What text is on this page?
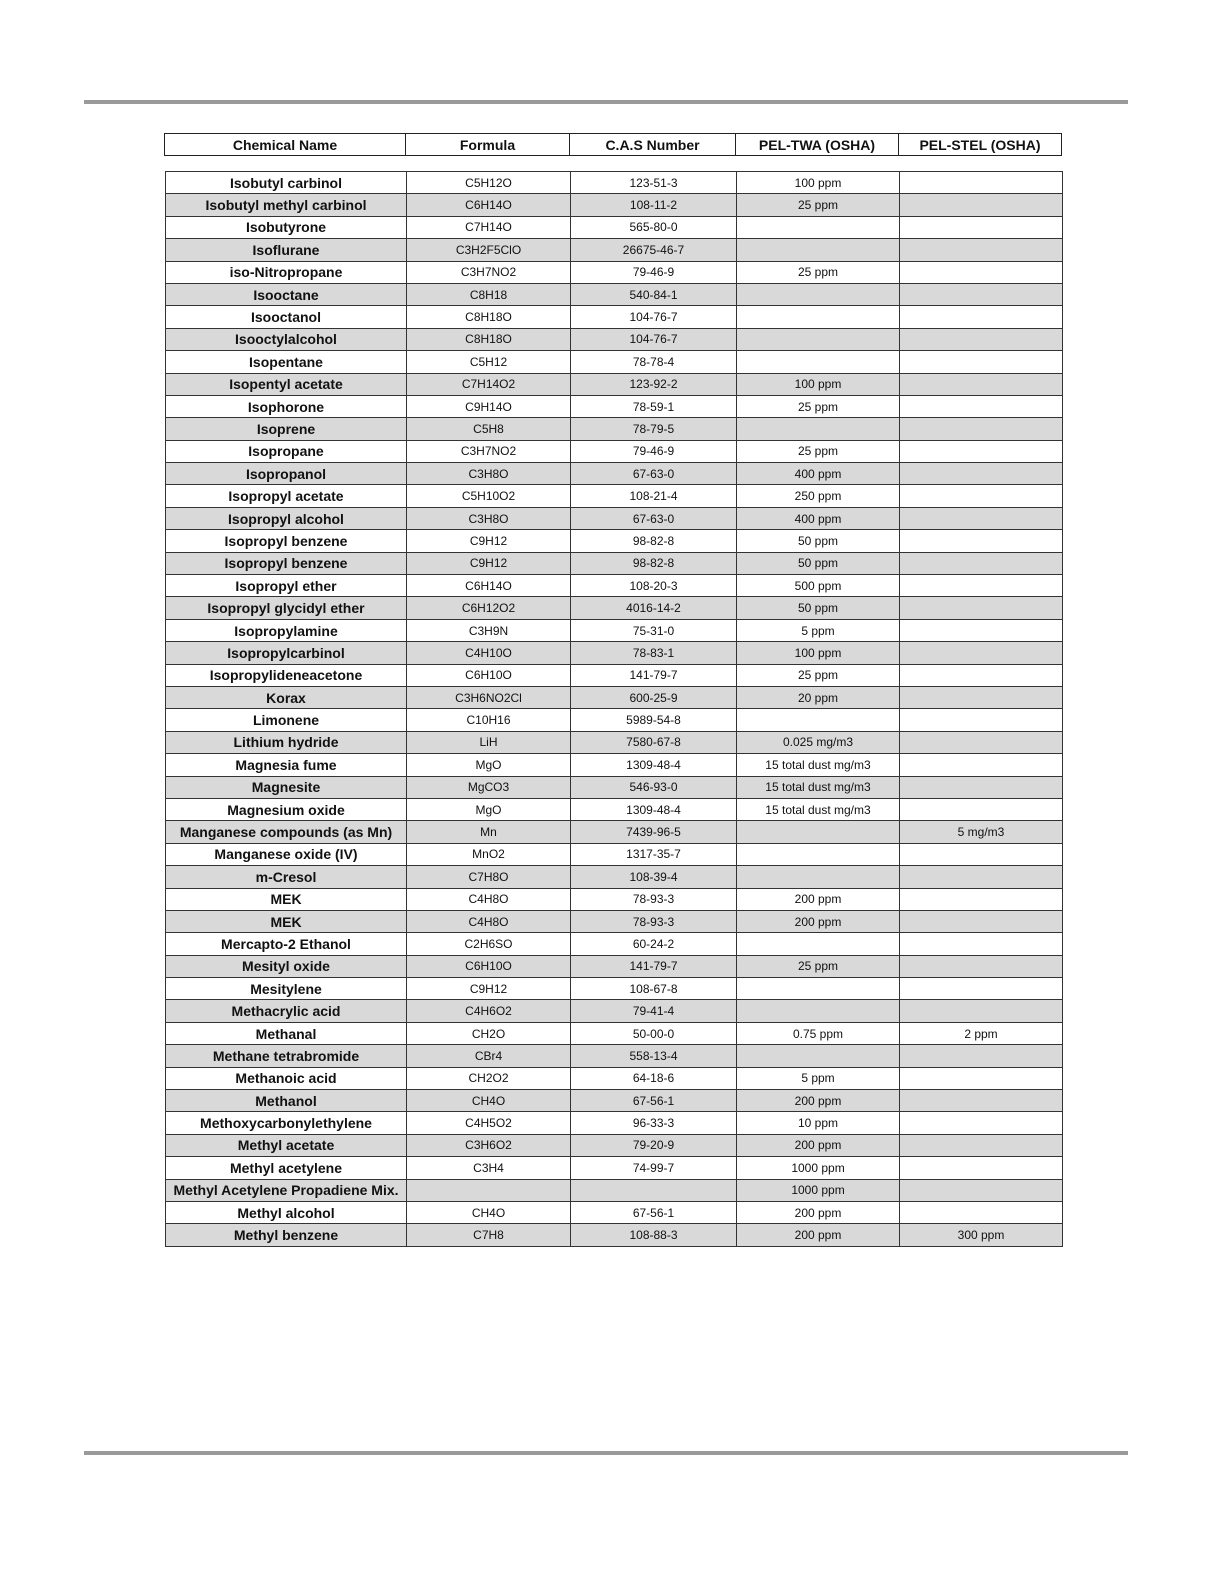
Chemical Name	Formula	C.A.S Number	PEL-TWA (OSHA)	PEL-STEL (OSHA)
Isobutyl carbinol	C5H12O	123-51-3	100 ppm	
Isobutyl methyl carbinol	C6H14O	108-11-2	25 ppm	
Isobutyrone	C7H14O	565-80-0		
Isoflurane	C3H2F5ClO	26675-46-7		
iso-Nitropropane	C3H7NO2	79-46-9	25 ppm	
Isooctane	C8H18	540-84-1		
Isooctanol	C8H18O	104-76-7		
Isooctylalcohol	C8H18O	104-76-7		
Isopentane	C5H12	78-78-4		
Isopentyl acetate	C7H14O2	123-92-2	100 ppm	
Isophorone	C9H14O	78-59-1	25 ppm	
Isoprene	C5H8	78-79-5		
Isopropane	C3H7NO2	79-46-9	25 ppm	
Isopropanol	C3H8O	67-63-0	400 ppm	
Isopropyl acetate	C5H10O2	108-21-4	250 ppm	
Isopropyl alcohol	C3H8O	67-63-0	400 ppm	
Isopropyl benzene	C9H12	98-82-8	50 ppm	
Isopropyl benzene	C9H12	98-82-8	50 ppm	
Isopropyl ether	C6H14O	108-20-3	500 ppm	
Isopropyl glycidyl ether	C6H12O2	4016-14-2	50 ppm	
Isopropylamine	C3H9N	75-31-0	5 ppm	
Isopropylcarbinol	C4H10O	78-83-1	100 ppm	
Isopropylideneacetone	C6H10O	141-79-7	25 ppm	
Korax	C3H6NO2Cl	600-25-9	20 ppm	
Limonene	C10H16	5989-54-8		
Lithium hydride	LiH	7580-67-8	0.025 mg/m3	
Magnesia fume	MgO	1309-48-4	15 total dust mg/m3	
Magnesite	MgCO3	546-93-0	15 total dust mg/m3	
Magnesium oxide	MgO	1309-48-4	15 total dust mg/m3	
Manganese compounds (as Mn)	Mn	7439-96-5		5 mg/m3
Manganese oxide (IV)	MnO2	1317-35-7		
m-Cresol	C7H8O	108-39-4		
MEK	C4H8O	78-93-3	200 ppm	
MEK	C4H8O	78-93-3	200 ppm	
Mercapto-2 Ethanol	C2H6SO	60-24-2		
Mesityl oxide	C6H10O	141-79-7	25 ppm	
Mesitylene	C9H12	108-67-8		
Methacrylic acid	C4H6O2	79-41-4		
Methanal	CH2O	50-00-0	0.75 ppm	2 ppm
Methane tetrabromide	CBr4	558-13-4		
Methanoic acid	CH2O2	64-18-6	5 ppm	
Methanol	CH4O	67-56-1	200 ppm	
Methoxycarbonylethylene	C4H5O2	96-33-3	10 ppm	
Methyl acetate	C3H6O2	79-20-9	200 ppm	
Methyl acetylene	C3H4	74-99-7	1000 ppm	
Methyl Acetylene Propadiene Mix.			1000 ppm	
Methyl alcohol	CH4O	67-56-1	200 ppm	
Methyl benzene	C7H8	108-88-3	200 ppm	300 ppm
